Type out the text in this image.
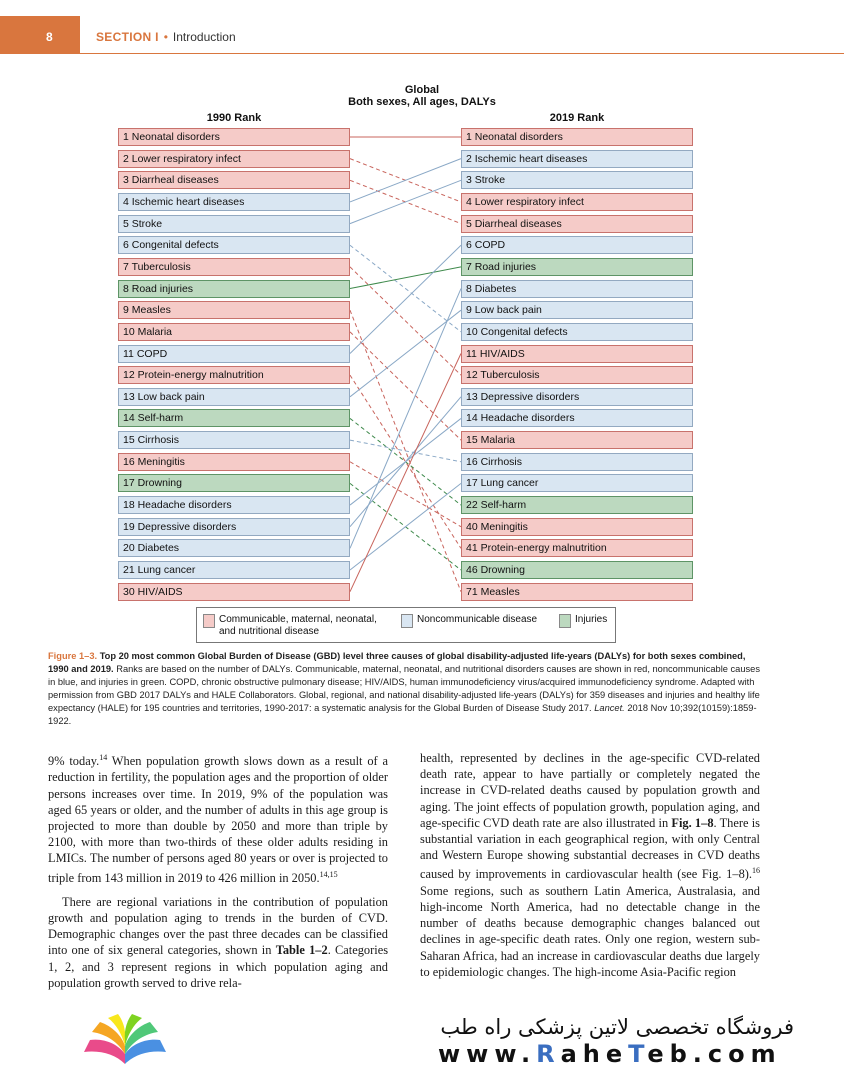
8	SECTION I • Introduction
Global
Both sexes, All ages, DALYs
1990 Rank	2019 Rank
1 Neonatal disorders
2 Lower respiratory infect
3 Diarrheal diseases
4 Ischemic heart diseases
5 Stroke
6 Congenital defects
7 Tuberculosis
8 Road injuries
9 Measles
10 Malaria
11 COPD
12 Protein-energy malnutrition
13 Low back pain
14 Self-harm
15 Cirrhosis
16 Meningitis
17 Drowning
18 Headache disorders
19 Depressive disorders
20 Diabetes
21 Lung cancer
30 HIV/AIDS
1 Neonatal disorders
2 Ischemic heart diseases
3 Stroke
4 Lower respiratory infect
5 Diarrheal diseases
6 COPD
7 Road injuries
8 Diabetes
9 Low back pain
10 Congenital defects
11 HIV/AIDS
12 Tuberculosis
13 Depressive disorders
14 Headache disorders
15 Malaria
16 Cirrhosis
17 Lung cancer
22 Self-harm
40 Meningitis
41 Protein-energy malnutrition
46 Drowning
71 Measles
Communicable, maternal, neonatal,
and nutritional disease
Noncommunicable disease	Injuries
Figure 1–3. Top 20 most common Global Burden of Disease (GBD) level three causes of global disability-adjusted life-years (DALYs) for both sexes combined, 1990 and 2019. Ranks are based on the number of DALYs. Communicable, maternal, neonatal, and nutritional disorders causes are shown in red, noncommunicable causes in blue, and injuries in green. COPD, chronic obstructive pulmonary disease; HIV/AIDS, human immunodeficiency virus/acquired immunodeficiency syndrome. Adapted with permission from GBD 2017 DALYs and HALE Collaborators. Global, regional, and national disability-adjusted life-years (DALYs) for 359 diseases and injuries and healthy life expectancy (HALE) for 195 countries and territories, 1990-2017: a systematic analysis for the Global Burden of Disease Study 2017. Lancet. 2018 Nov 10;392(10159):1859-1922.

9% today.$^{14}$ When population growth slows down as a result of a reduction in fertility, the population ages and the proportion of older persons increases over time. In 2019, 9% of the population was aged 65 years or older, and the number of adults in this age group is projected to more than double by 2050 and more than triple by 2100, with more than two-thirds of these older adults residing in LMICs. The number of persons aged 80 years or over is projected to triple from 143 million in 2019 to 426 million in 2050.$^{14,15}$

There are regional variations in the contribution of population growth and population aging to trends in the burden of CVD. Demographic changes over the past three decades can be classified into one of six general categories, shown in Table 1–2. Categories 1, 2, and 3 represent regions in which population aging and population growth served to drive rela-

health, represented by declines in the age-specific CVD-related death rate, appear to have partially or completely negated the increase in CVD-related deaths caused by population growth and aging. The joint effects of population growth, population aging, and age-specific CVD death rate are also illustrated in Fig. 1–8. There is substantial variation in each geographical region, with only Central and Western Europe showing substantial decreases in CVD deaths caused by improvements in cardiovascular health (see Fig. 1–8).$^{16}$ Some regions, such as southern Latin America, Australasia, and high-income North America, had no detectable change in the number of deaths because demographic changes balanced out declines in age-specific death rates. Only one region, western sub-Saharan Africa, had an increase in cardiovascular deaths due largely to epidemiologic changes. The high-income Asia-Pacific region

فروشگاه تخصصی لاتین پزشکی راه طب
www.RaheTeb.com
